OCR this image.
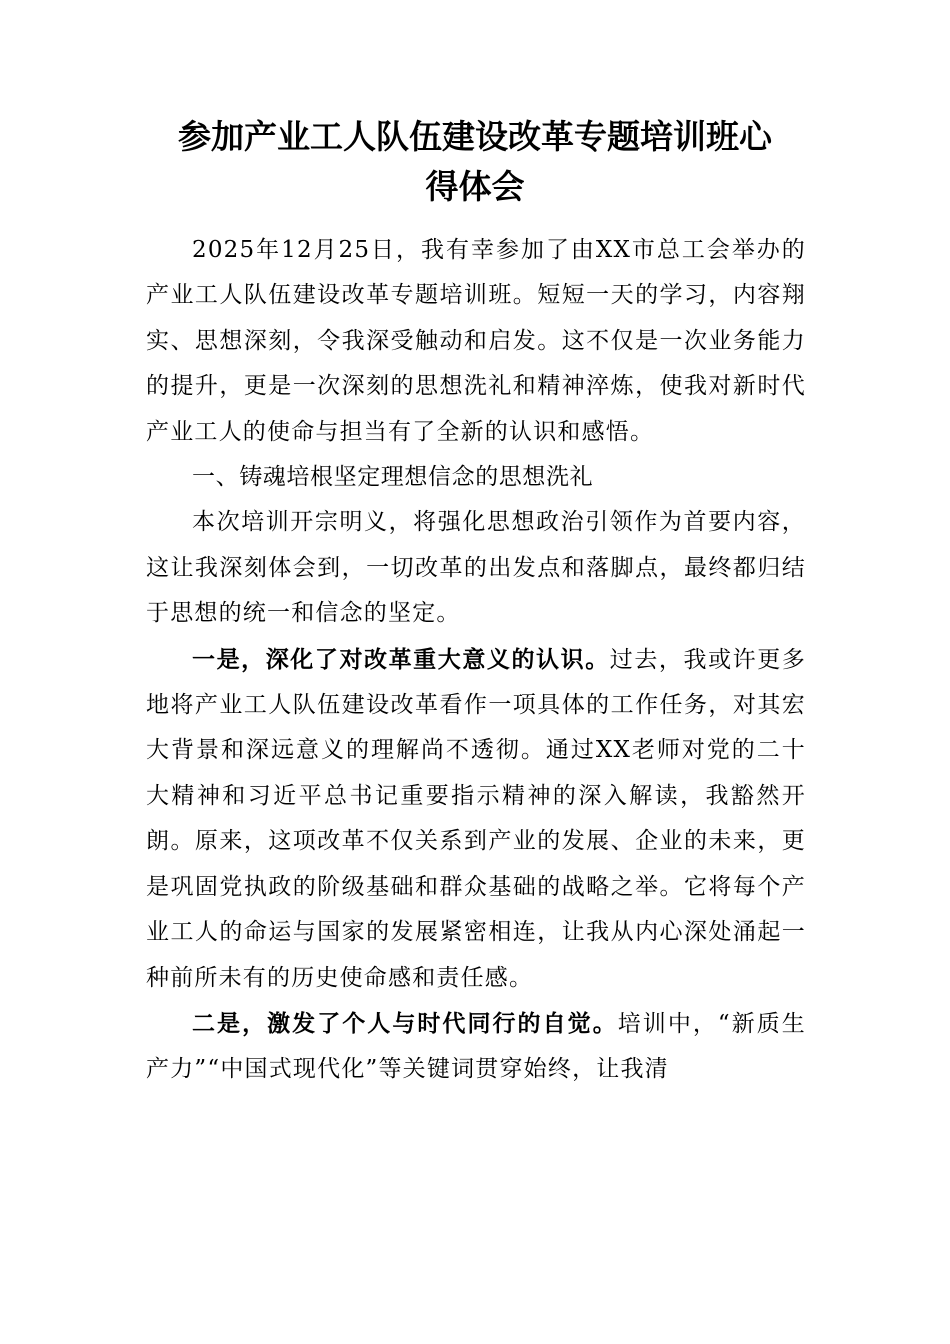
参加产业工人队伍建设改革专题培训班心
得体会

2025年12月25日，我有幸参加了由XX市总工会举办的产业工人队伍建设改革专题培训班。短短一天的学习，内容翔实、思想深刻，令我深受触动和启发。这不仅是一次业务能力的提升，更是一次深刻的思想洗礼和精神淬炼，使我对新时代产业工人的使命与担当有了全新的认识和感悟。

一、铸魂培根坚定理想信念的思想洗礼

本次培训开宗明义，将强化思想政治引领作为首要内容，这让我深刻体会到，一切改革的出发点和落脚点，最终都归结于思想的统一和信念的坚定。

一是，深化了对改革重大意义的认识。过去，我或许更多地将产业工人队伍建设改革看作一项具体的工作任务，对其宏大背景和深远意义的理解尚不透彻。通过XX老师对党的二十大精神和习近平总书记重要指示精神的深入解读，我豁然开朗。原来，这项改革不仅关系到产业的发展、企业的未来，更是巩固党执政的阶级基础和群众基础的战略之举。它将每个产业工人的命运与国家的发展紧密相连，让我从内心深处涌起一种前所未有的历史使命感和责任感。

二是，激发了个人与时代同行的自觉。培训中，“新质生产力”“中国式现代化”等关键词贯穿始终，让我清
